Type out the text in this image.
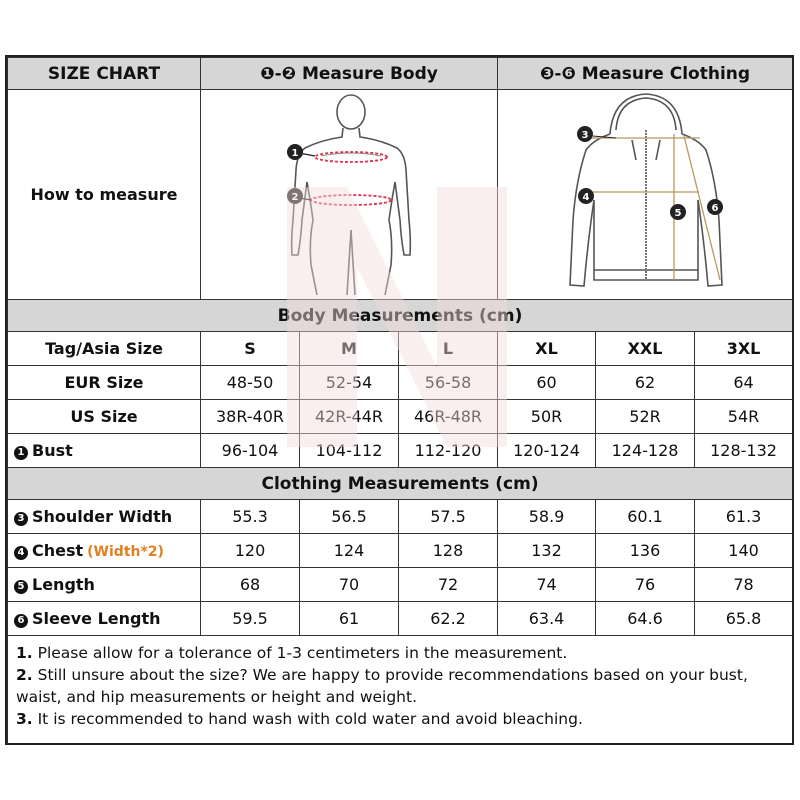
SIZE CHART	❶-❷ Measure Body			❸-❻ Measure Clothing		
How to measure	1
2			3
4
5 6		

Body Measurements (cm)						
Tag/Asia Size	S	M	L	XL	XXL	3XL
EUR Size	48-50	52-54	56-58	60	62	64
US Size	38R-40R	42R-44R	46R-48R	50R	52R	54R
1 Bust	96-104	104-112	112-120	120-124	124-128	128-132
Clothing Measurements (cm)						
3 Shoulder Width	55.3	56.5	57.5	58.9	60.1	61.3
4 Chest (Width*2)	120	124	128	132	136	140
5 Length	68	70	72	74	76	78
6 Sleeve Length	59.5	61	62.2	63.4	64.6	65.8

1. Please allow for a tolerance of 1-3 centimeters in the measurement.
2. Still unsure about the size? We are happy to provide recommendations based on your bust, waist, and hip measurements or height and weight.
3. It is recommended to hand wash with cold water and avoid bleaching.						
